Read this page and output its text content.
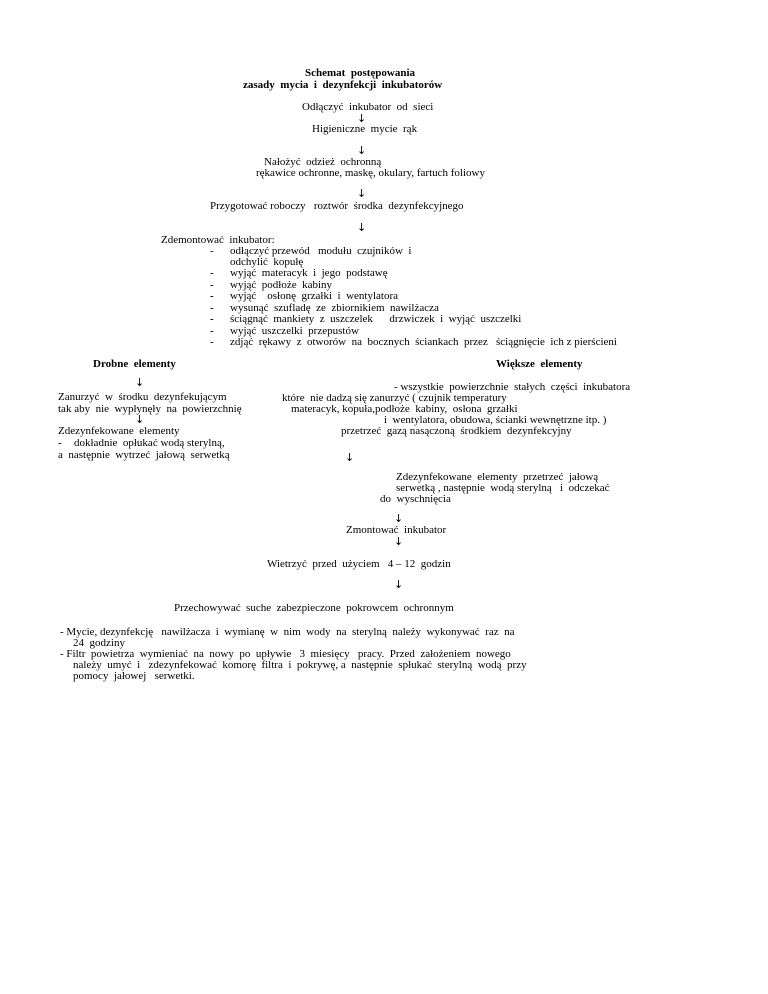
Schemat  postępowania
zasady  mycia  i  dezynfekcji  inkubatorów
Odłączyć  inkubator  od  sieci
↓
Higieniczne  mycie  rąk
↓
Nałożyć  odzież  ochronną
rękawice ochronne, maskę, okulary, fartuch foliowy
↓
Przygotować roboczy   roztwór  środka  dezynfekcyjnego
↓
Zdemontować  inkubator:
- odłączyć przewód   modułu  czujników  i
odchylić  kopułę
- wyjąć  materacyk  i  jego  podstawę
- wyjąć  podłoże  kabiny
- wyjąć    osłonę  grzałki  i  wentylatora
- wysunąć  szufladę  ze  zbiornikiem  nawilżacza
- ściągnąć  mankiety  z  uszczelek      drzwiczek  i  wyjąć  uszczelki
- wyjąć  uszczelki  przepustów
- zdjąć  rękawy  z  otworów  na  bocznych  ściankach  przez   ściągnięcie  ich z pierścieni
Drobne  elementy	Większe  elementy
↓
Zanurzyć  w  środku  dezynfekującym
tak aby  nie  wypłynęły  na  powierzchnię
↓
Zdezynfekowane  elementy
- dokładnie  opłukać wodą sterylną,
a  następnie  wytrzeć  jałową  serwetką
- wszystkie  powierzchnie  stałych  części  inkubatora
które  nie dadzą się zanurzyć ( czujnik temperatury
materacyk, kopuła,podłoże  kabiny,  osłona  grzałki
i  wentylatora, obudowa, ścianki wewnętrzne itp. )
przetrzeć  gazą nasączoną  środkiem  dezynfekcyjny
↓
Zdezynfekowane  elementy  przetrzeć  jałową
serwetką , następnie  wodą sterylną   i  odczekać
do  wyschnięcia
↓
Zmontować  inkubator
↓
Wietrzyć  przed  użyciem   4 – 12  godzin
↓
Przechowywać  suche  zabezpieczone  pokrowcem  ochronnym
- Mycie, dezynfekcję   nawilżacza  i  wymianę  w  nim  wody  na  sterylną  należy  wykonywać  raz  na
24  godziny
- Filtr  powietrza  wymieniać  na  nowy  po  upływie   3  miesięcy   pracy.  Przed  założeniem  nowego
należy  umyć  i   zdezynfekować  komorę  filtra  i  pokrywę, a  następnie  spłukać  sterylną  wodą  przy
pomocy  jałowej   serwetki.
